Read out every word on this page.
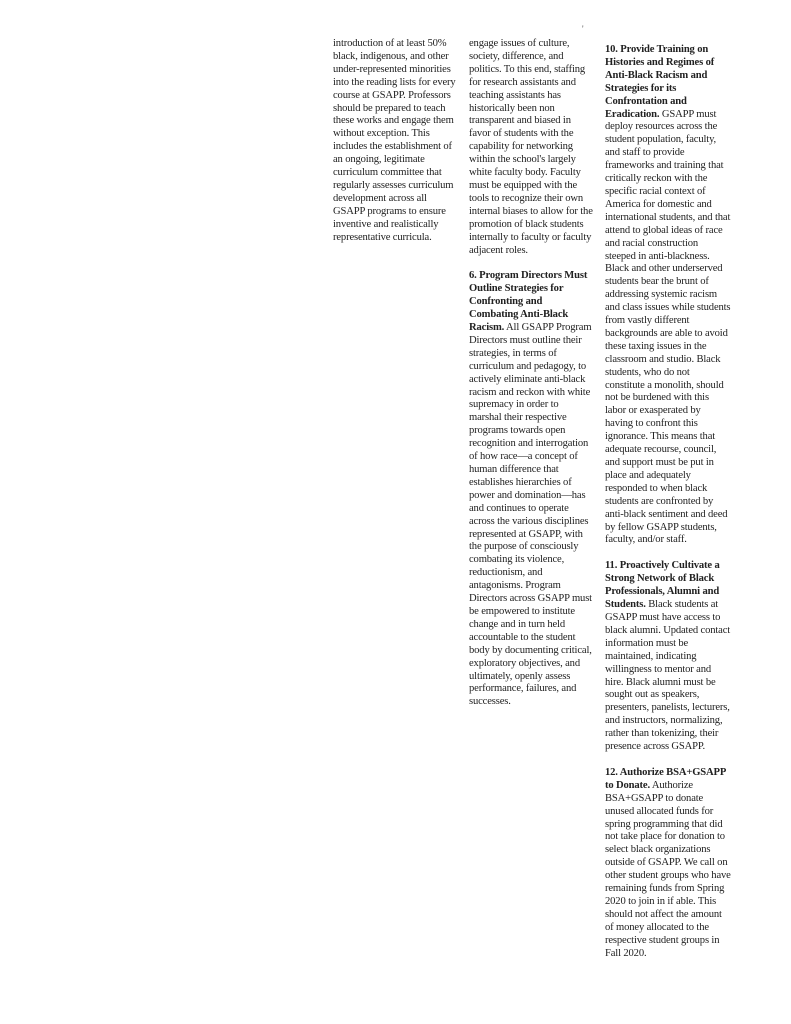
'

introduction of at least 50% black, indigenous, and other under-represented minorities into the reading lists for every course at GSAPP. Professors should be prepared to teach these works and engage them without exception. This includes the establishment of an ongoing, legitimate curriculum committee that regularly assesses curriculum development across all GSAPP programs to ensure inventive and realistically representative curricula.

engage issues of culture, society, difference, and politics. To this end, staffing for research assistants and teaching assistants has historically been non transparent and biased in favor of students with the capability for networking within the school's largely white faculty body. Faculty must be equipped with the tools to recognize their own internal biases to allow for the promotion of black students internally to faculty or faculty adjacent roles.

6. Program Directors Must Outline Strategies for Confronting and Combating Anti-Black Racism. All GSAPP Program Directors must outline their strategies, in terms of curriculum and pedagogy, to actively eliminate anti-black racism and reckon with white supremacy in order to marshal their respective programs towards open recognition and interrogation of how race—a concept of human difference that establishes hierarchies of power and domination—has and continues to operate across the various disciplines represented at GSAPP, with the purpose of consciously combating its violence, reductionism, and antagonisms. Program Directors across GSAPP must be empowered to institute change and in turn held accountable to the student body by documenting critical, exploratory objectives, and ultimately, openly assess performance, failures, and successes.

10. Provide Training on Histories and Regimes of Anti-Black Racism and Strategies for its Confrontation and Eradication. GSAPP must deploy resources across the student population, faculty, and staff to provide frameworks and training that critically reckon with the specific racial context of America for domestic and international students, and that attend to global ideas of race and racial construction steeped in anti-blackness. Black and other underserved students bear the brunt of addressing systemic racism and class issues while students from vastly different backgrounds are able to avoid these taxing issues in the classroom and studio. Black students, who do not constitute a monolith, should not be burdened with this labor or exasperated by having to confront this ignorance. This means that adequate recourse, council, and support must be put in place and adequately responded to when black students are confronted by anti-black sentiment and deed by fellow GSAPP students, faculty, and/or staff.

11. Proactively Cultivate a Strong Network of Black Professionals, Alumni and Students. Black students at GSAPP must have access to black alumni. Updated contact information must be maintained, indicating willingness to mentor and hire. Black alumni must be sought out as speakers, presenters, panelists, lecturers, and instructors, normalizing, rather than tokenizing, their presence across GSAPP.

12. Authorize BSA+GSAPP to Donate. Authorize BSA+GSAPP to donate unused allocated funds for spring programming that did not take place for donation to select black organizations outside of GSAPP. We call on other student groups who have remaining funds from Spring 2020 to join in if able. This should not affect the amount of money allocated to the respective student groups in Fall 2020.
